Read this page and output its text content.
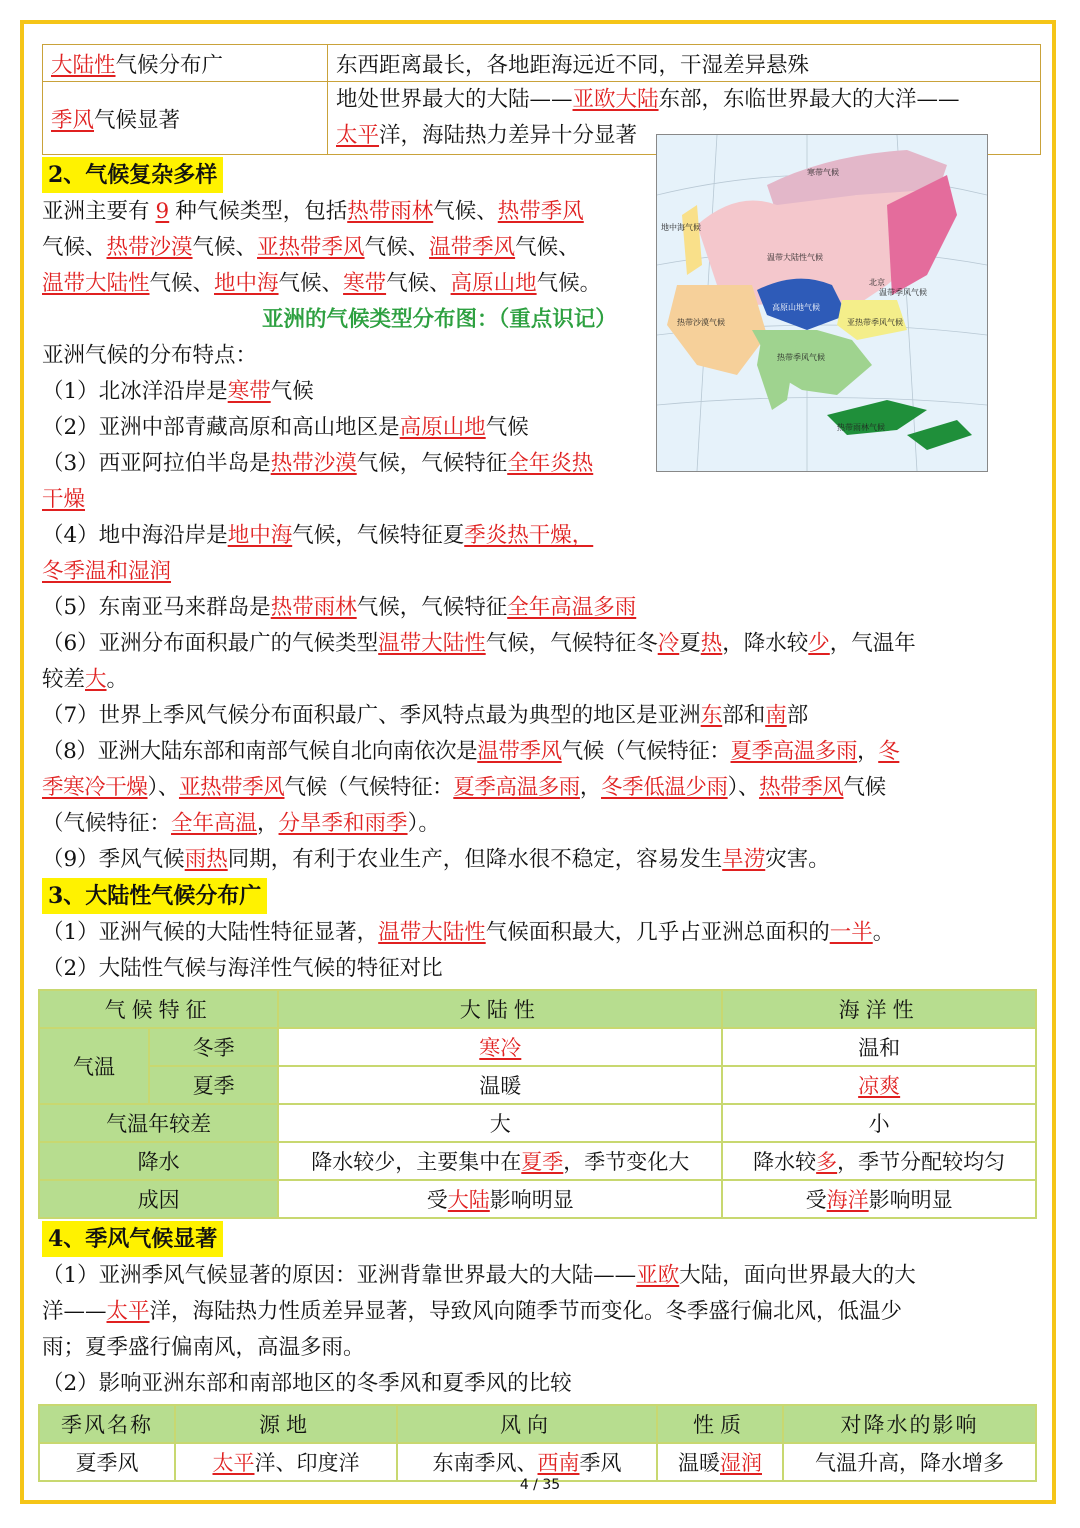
大陆性气候分布广	东西距离最长，各地距海远近不同，干湿差异悬殊
季风气候显著	地处世界最大的大陆——亚欧大陆东部，东临世界最大的大洋——
太平洋，海陆热力差异十分显著
2、气候复杂多样

亚洲主要有 9 种气候类型，包括热带雨林气候、热带季风

气候、热带沙漠气候、亚热带季风气候、温带季风气候、

温带大陆性气候、地中海气候、寒带气候、高原山地气候。

亚洲的气候类型分布图：（重点识记）

亚洲气候的分布特点：

（1）北冰洋沿岸是寒带气候

（2）亚洲中部青藏高原和高山地区是高原山地气候

（3）西亚阿拉伯半岛是热带沙漠气候，气候特征全年炎热

干燥

（4）地中海沿岸是地中海气候，气候特征夏季炎热干燥，

冬季温和湿润

（5）东南亚马来群岛是热带雨林气候，气候特征全年高温多雨

（6）亚洲分布面积最广的气候类型温带大陆性气候，气候特征冬冷夏热，降水较少，气温年

较差大。

（7）世界上季风气候分布面积最广、季风特点最为典型的地区是亚洲东部和南部

（8）亚洲大陆东部和南部气候自北向南依次是温带季风气候（气候特征：夏季高温多雨，冬

季寒冷干燥）、亚热带季风气候（气候特征：夏季高温多雨，冬季低温少雨）、热带季风气候

（气候特征：全年高温，分旱季和雨季）。

（9）季风气候雨热同期，有利于农业生产，但降水很不稳定，容易发生旱涝灾害。

3、大陆性气候分布广

（1）亚洲气候的大陆性特征显著，温带大陆性气候面积最大，几乎占亚洲总面积的一半。

（2）大陆性气候与海洋性气候的特征对比

气候特征		大陆性	海洋性
气温	冬季	寒冷	温和
	夏季	温暖	凉爽
气温年较差		大	小
降水		降水较少，主要集中在夏季，季节变化大	降水较多，季节分配较均匀
成因		受大陆影响明显	受海洋影响明显
4、季风气候显著

（1）亚洲季风气候显著的原因：亚洲背靠世界最大的大陆——亚欧大陆，面向世界最大的大

洋——太平洋，海陆热力性质差异显著，导致风向随季节而变化。冬季盛行偏北风，低温少

雨；夏季盛行偏南风，高温多雨。

（2）影响亚洲东部和南部地区的冬季风和夏季风的比较

季风名称	源地	风向	性质	对降水的影响
夏季风	太平洋、印度洋	东南季风、西南季风	温暖湿润	气温升高，降水增多
温带大陆性气候
热带沙漠气候
高原山地气候
热带季风气候
亚热带季风气候
温带季风气候
热带雨林气候
地中海气候
北京
寒带气候
4 / 35
